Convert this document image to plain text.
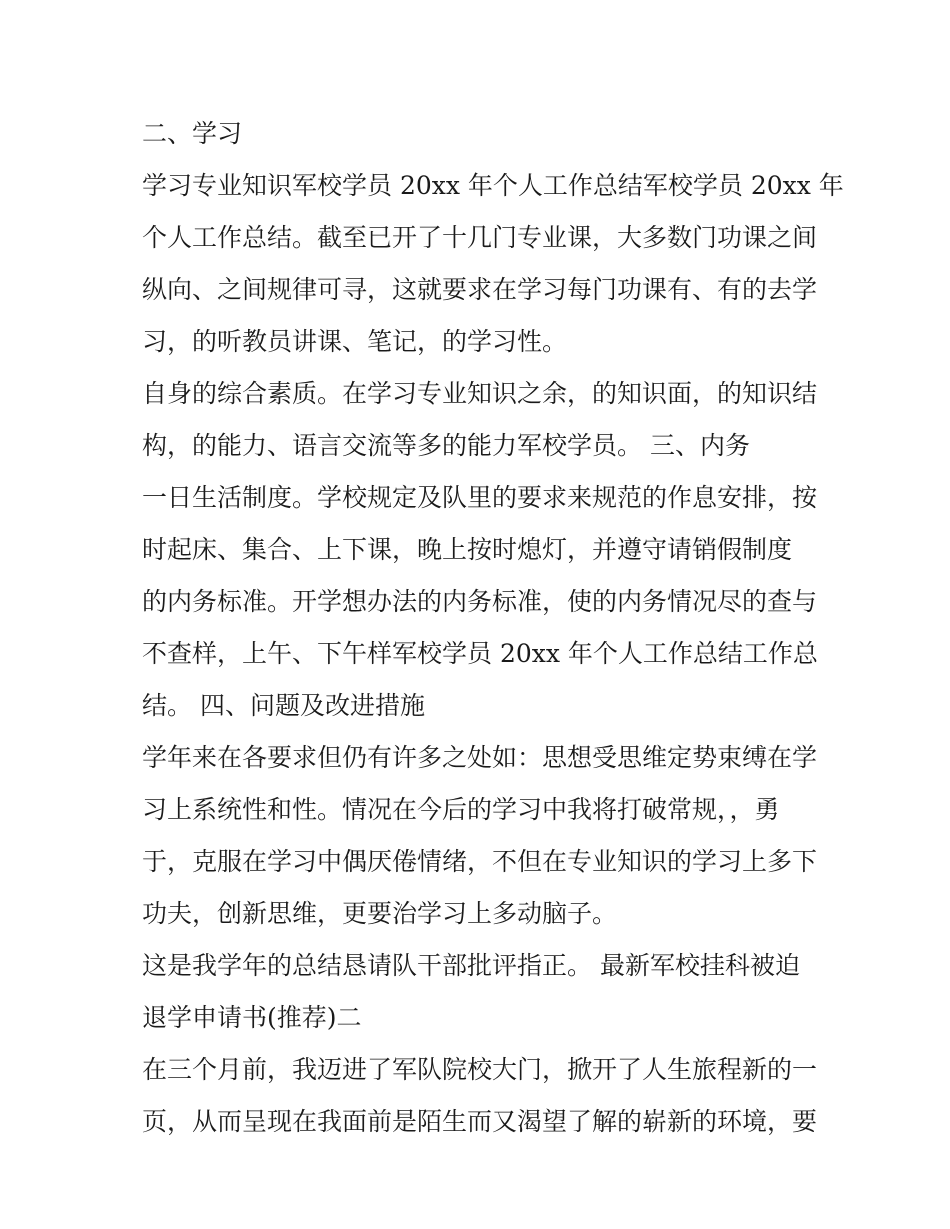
二、学习
学习专业知识军校学员 20xx 年个人工作总结军校学员 20xx 年
个人工作总结。截至已开了十几门专业课，大多数门功课之间
纵向、之间规律可寻，这就要求在学习每门功课有、有的去学
习，的听教员讲课、笔记，的学习性。
自身的综合素质。在学习专业知识之余，的知识面，的知识结
构，的能力、语言交流等多的能力军校学员。 三、内务
一日生活制度。学校规定及队里的要求来规范的作息安排，按
时起床、集合、上下课，晚上按时熄灯，并遵守请销假制度
的内务标准。开学想办法的内务标准，使的内务情况尽的查与
不查样，上午、下午样军校学员 20xx 年个人工作总结工作总
结。 四、问题及改进措施
学年来在各要求但仍有许多之处如：思想受思维定势束缚在学
习上系统性和性。情况在今后的学习中我将打破常规，，勇
于，克服在学习中偶厌倦情绪，不但在专业知识的学习上多下
功夫，创新思维，更要治学习上多动脑子。
这是我学年的总结恳请队干部批评指正。 最新军校挂科被迫
退学申请书(推荐)二
在三个月前，我迈进了军队院校大门，掀开了人生旅程新的一
页，从而呈现在我面前是陌生而又渴望了解的崭新的环境，要
